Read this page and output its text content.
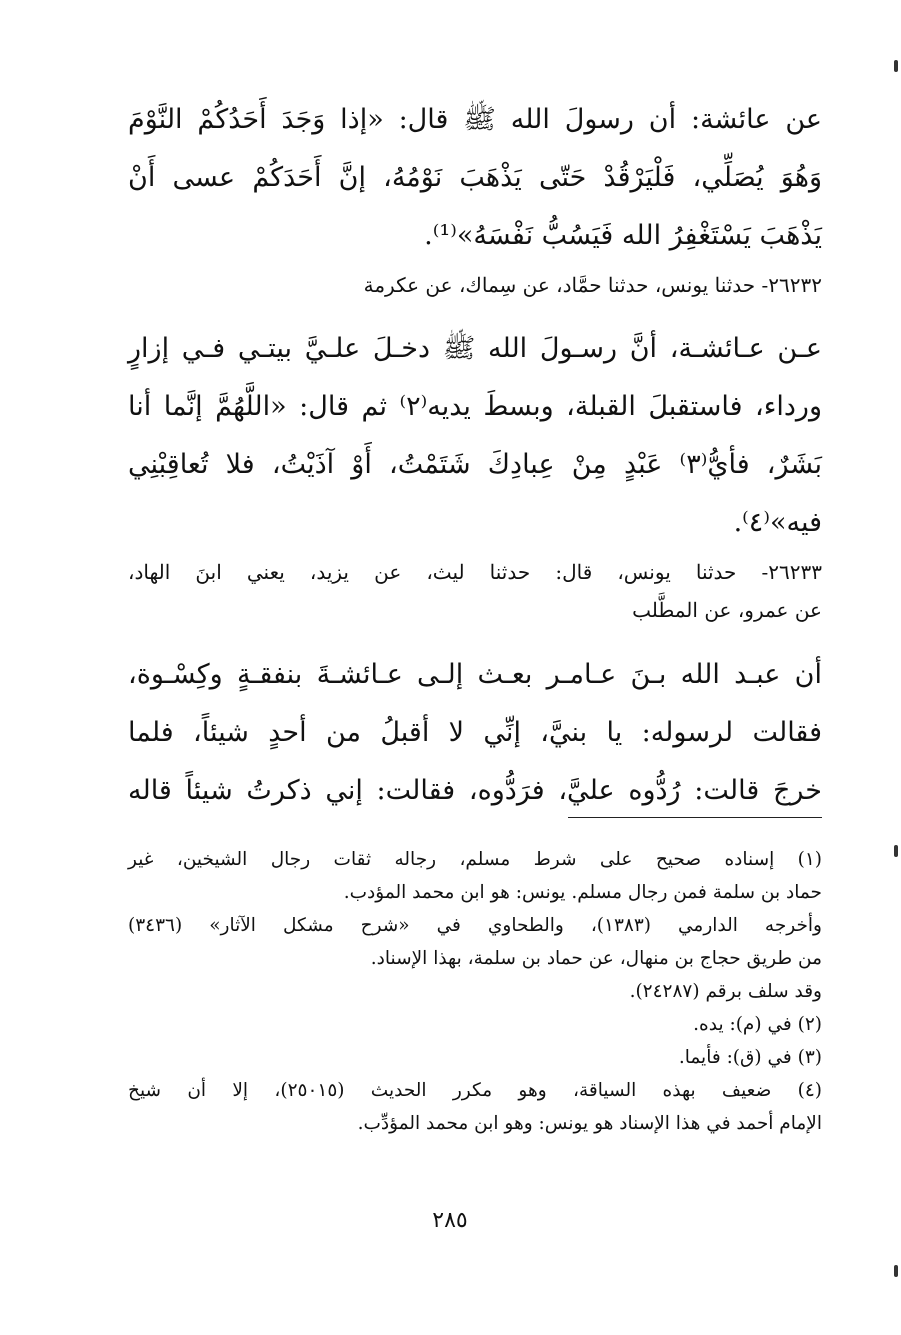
عن عائشة: أن رسولَ الله ﷺ قال: «إذا وَجَدَ أَحَدُكُمْ النَّوْمَ
وَهُوَ يُصَلِّي، فَلْيَرْقُدْ حَتّى يَذْهَبَ نَوْمُهُ، إنَّ أَحَدَكُمْ عسى أَنْ
يَذْهَبَ يَسْتَغْفِرُ الله فَيَسُبُّ نَفْسَهُ»⁽¹⁾.
٢٦٢٣٢- حدثنا يونس، حدثنا حمَّاد، عن سِماك، عن عكرمة
عـن عـائشـة، أنَّ رسـولَ الله ﷺ دخـلَ علـيَّ بيتـي فـي إزارٍ
ورداء، فاستقبلَ القبلة، وبسطَ يديه⁽٢⁾ ثم قال: «اللَّهُمَّ إنَّما أنا
بَشَرٌ، فأيُّ⁽٣⁾ عَبْدٍ مِنْ عِبادِكَ شَتَمْتُ، أَوْ آذَيْتُ، فلا تُعاقِبْنِي
فيه»⁽٤⁾.
٢٦٢٣٣- حدثنا يونس، قال: حدثنا ليث، عن يزيد، يعني ابنَ الهاد،
عن عمرو، عن المطَّلب
أن عبـد الله بـنَ عـامـر بعـث إلـى عـائشـةَ بنفقـةٍ وكِسْـوة،
فقالت لرسوله: يا بنيَّ، إنِّي لا أقبلُ من أحدٍ شيئاً، فلما
خرجَ قالت: رُدُّوه عليَّ، فرَدُّوه، فقالت: إني ذكرتُ شيئاً قاله
(١) إسناده صحيح على شرط مسلم، رجاله ثقات رجال الشيخين، غير
حماد بن سلمة فمن رجال مسلم. يونس: هو ابن محمد المؤدب.
وأخرجه الدارمي (١٣٨٣)، والطحاوي في «شرح مشكل الآثار» (٣٤٣٦)
من طريق حجاج بن منهال، عن حماد بن سلمة، بهذا الإسناد.
وقد سلف برقم (٢٤٢٨٧).
(٢) في (م): يده.
(٣) في (ق): فأيما.
(٤) ضعيف بهذه السياقة، وهو مكرر الحديث (٢٥٠١٥)، إلا أن شيخ
الإمام أحمد في هذا الإسناد هو يونس: وهو ابن محمد المؤدِّب.
٢٨٥
